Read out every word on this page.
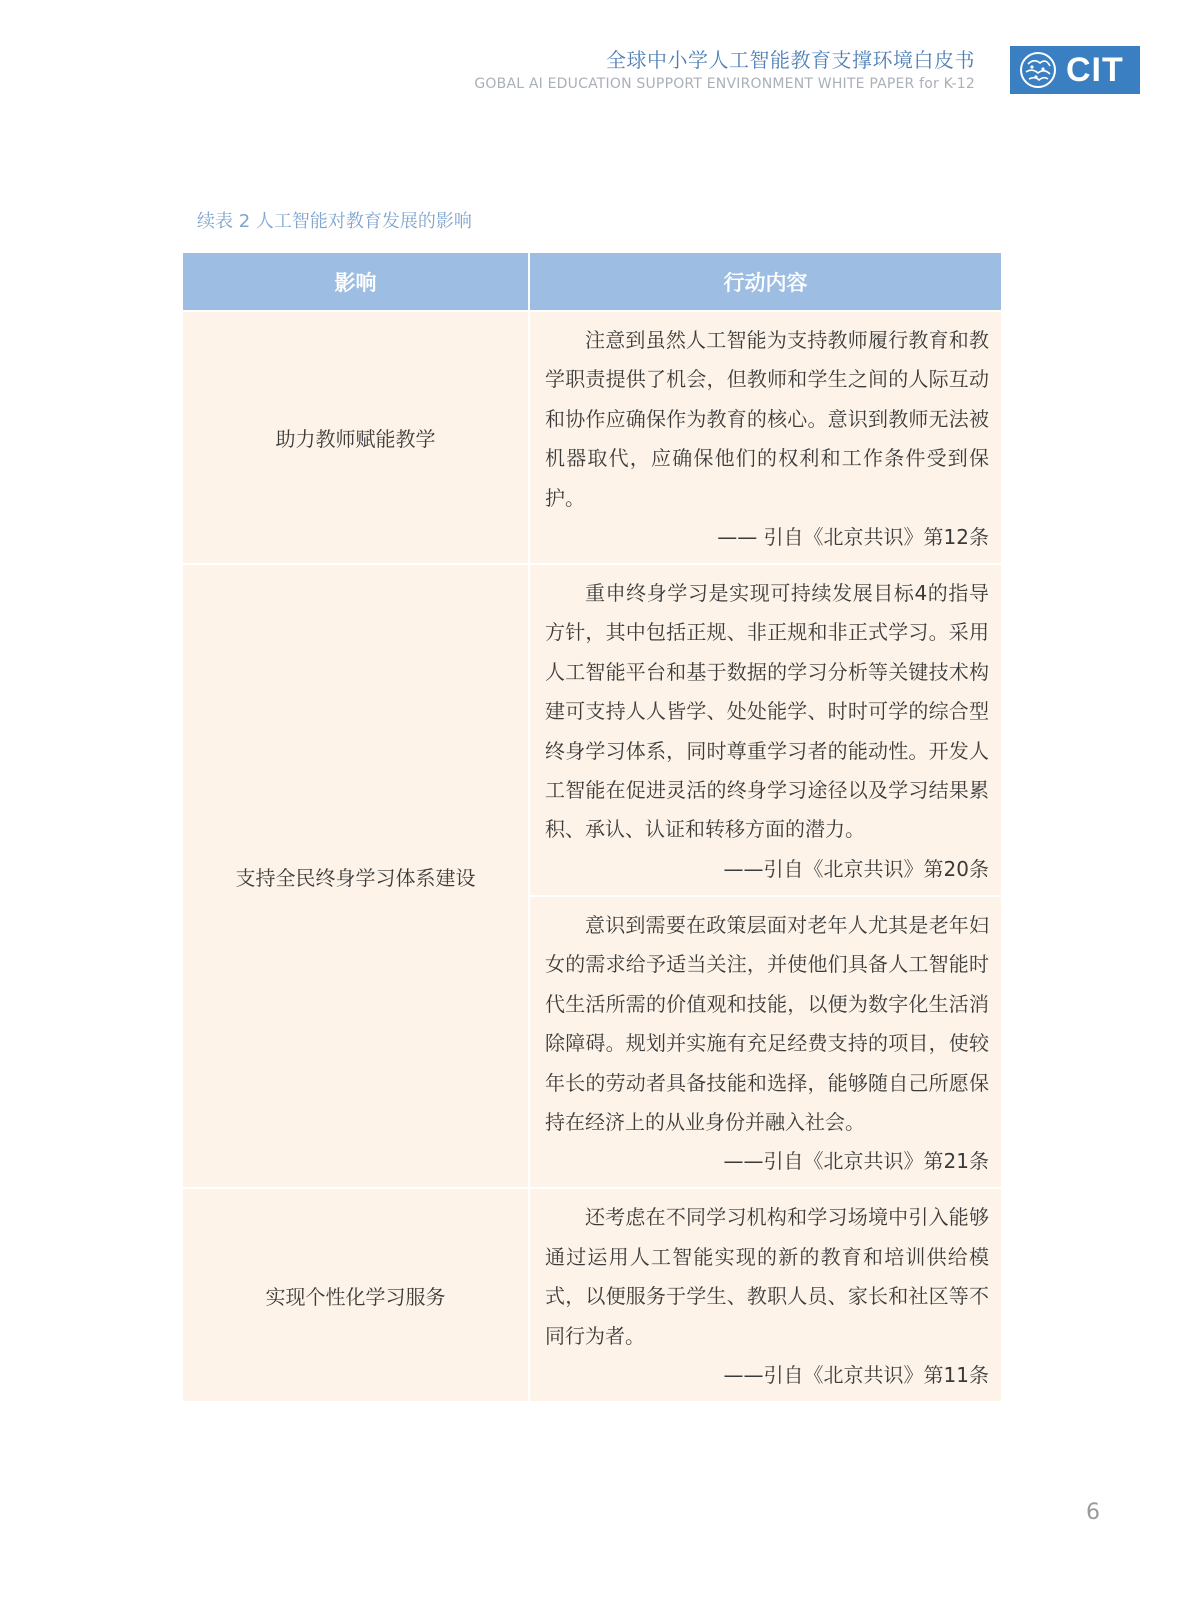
全球中小学人工智能教育支撑环境白皮书
GOBAL AI EDUCATION SUPPORT ENVIRONMENT WHITE PAPER for K-12	CIT
续表 2 人工智能对教育发展的影响
影响	行动内容
助力教师赋能教学	注意到虽然人工智能为支持教师履行教育和教学职责提供了机会，但教师和学生之间的人际互动和协作应确保作为教育的核心。意识到教师无法被机器取代，应确保他们的权利和工作条件受到保护。

—— 引自《北京共识》第12条

支持全民终身学习体系建设	重申终身学习是实现可持续发展目标4的指导方针，其中包括正规、非正规和非正式学习。采用人工智能平台和基于数据的学习分析等关键技术构建可支持人人皆学、处处能学、时时可学的综合型终身学习体系，同时尊重学习者的能动性。开发人工智能在促进灵活的终身学习途径以及学习结果累积、承认、认证和转移方面的潜力。

——引自《北京共识》第20条

	意识到需要在政策层面对老年人尤其是老年妇女的需求给予适当关注，并使他们具备人工智能时代生活所需的价值观和技能，以便为数字化生活消除障碍。规划并实施有充足经费支持的项目，使较年长的劳动者具备技能和选择，能够随自己所愿保持在经济上的从业身份并融入社会。

——引自《北京共识》第21条

实现个性化学习服务	还考虑在不同学习机构和学习场境中引入能够通过运用人工智能实现的新的教育和培训供给模式，以便服务于学生、教职人员、家长和社区等不同行为者。

——引自《北京共识》第11条
6
